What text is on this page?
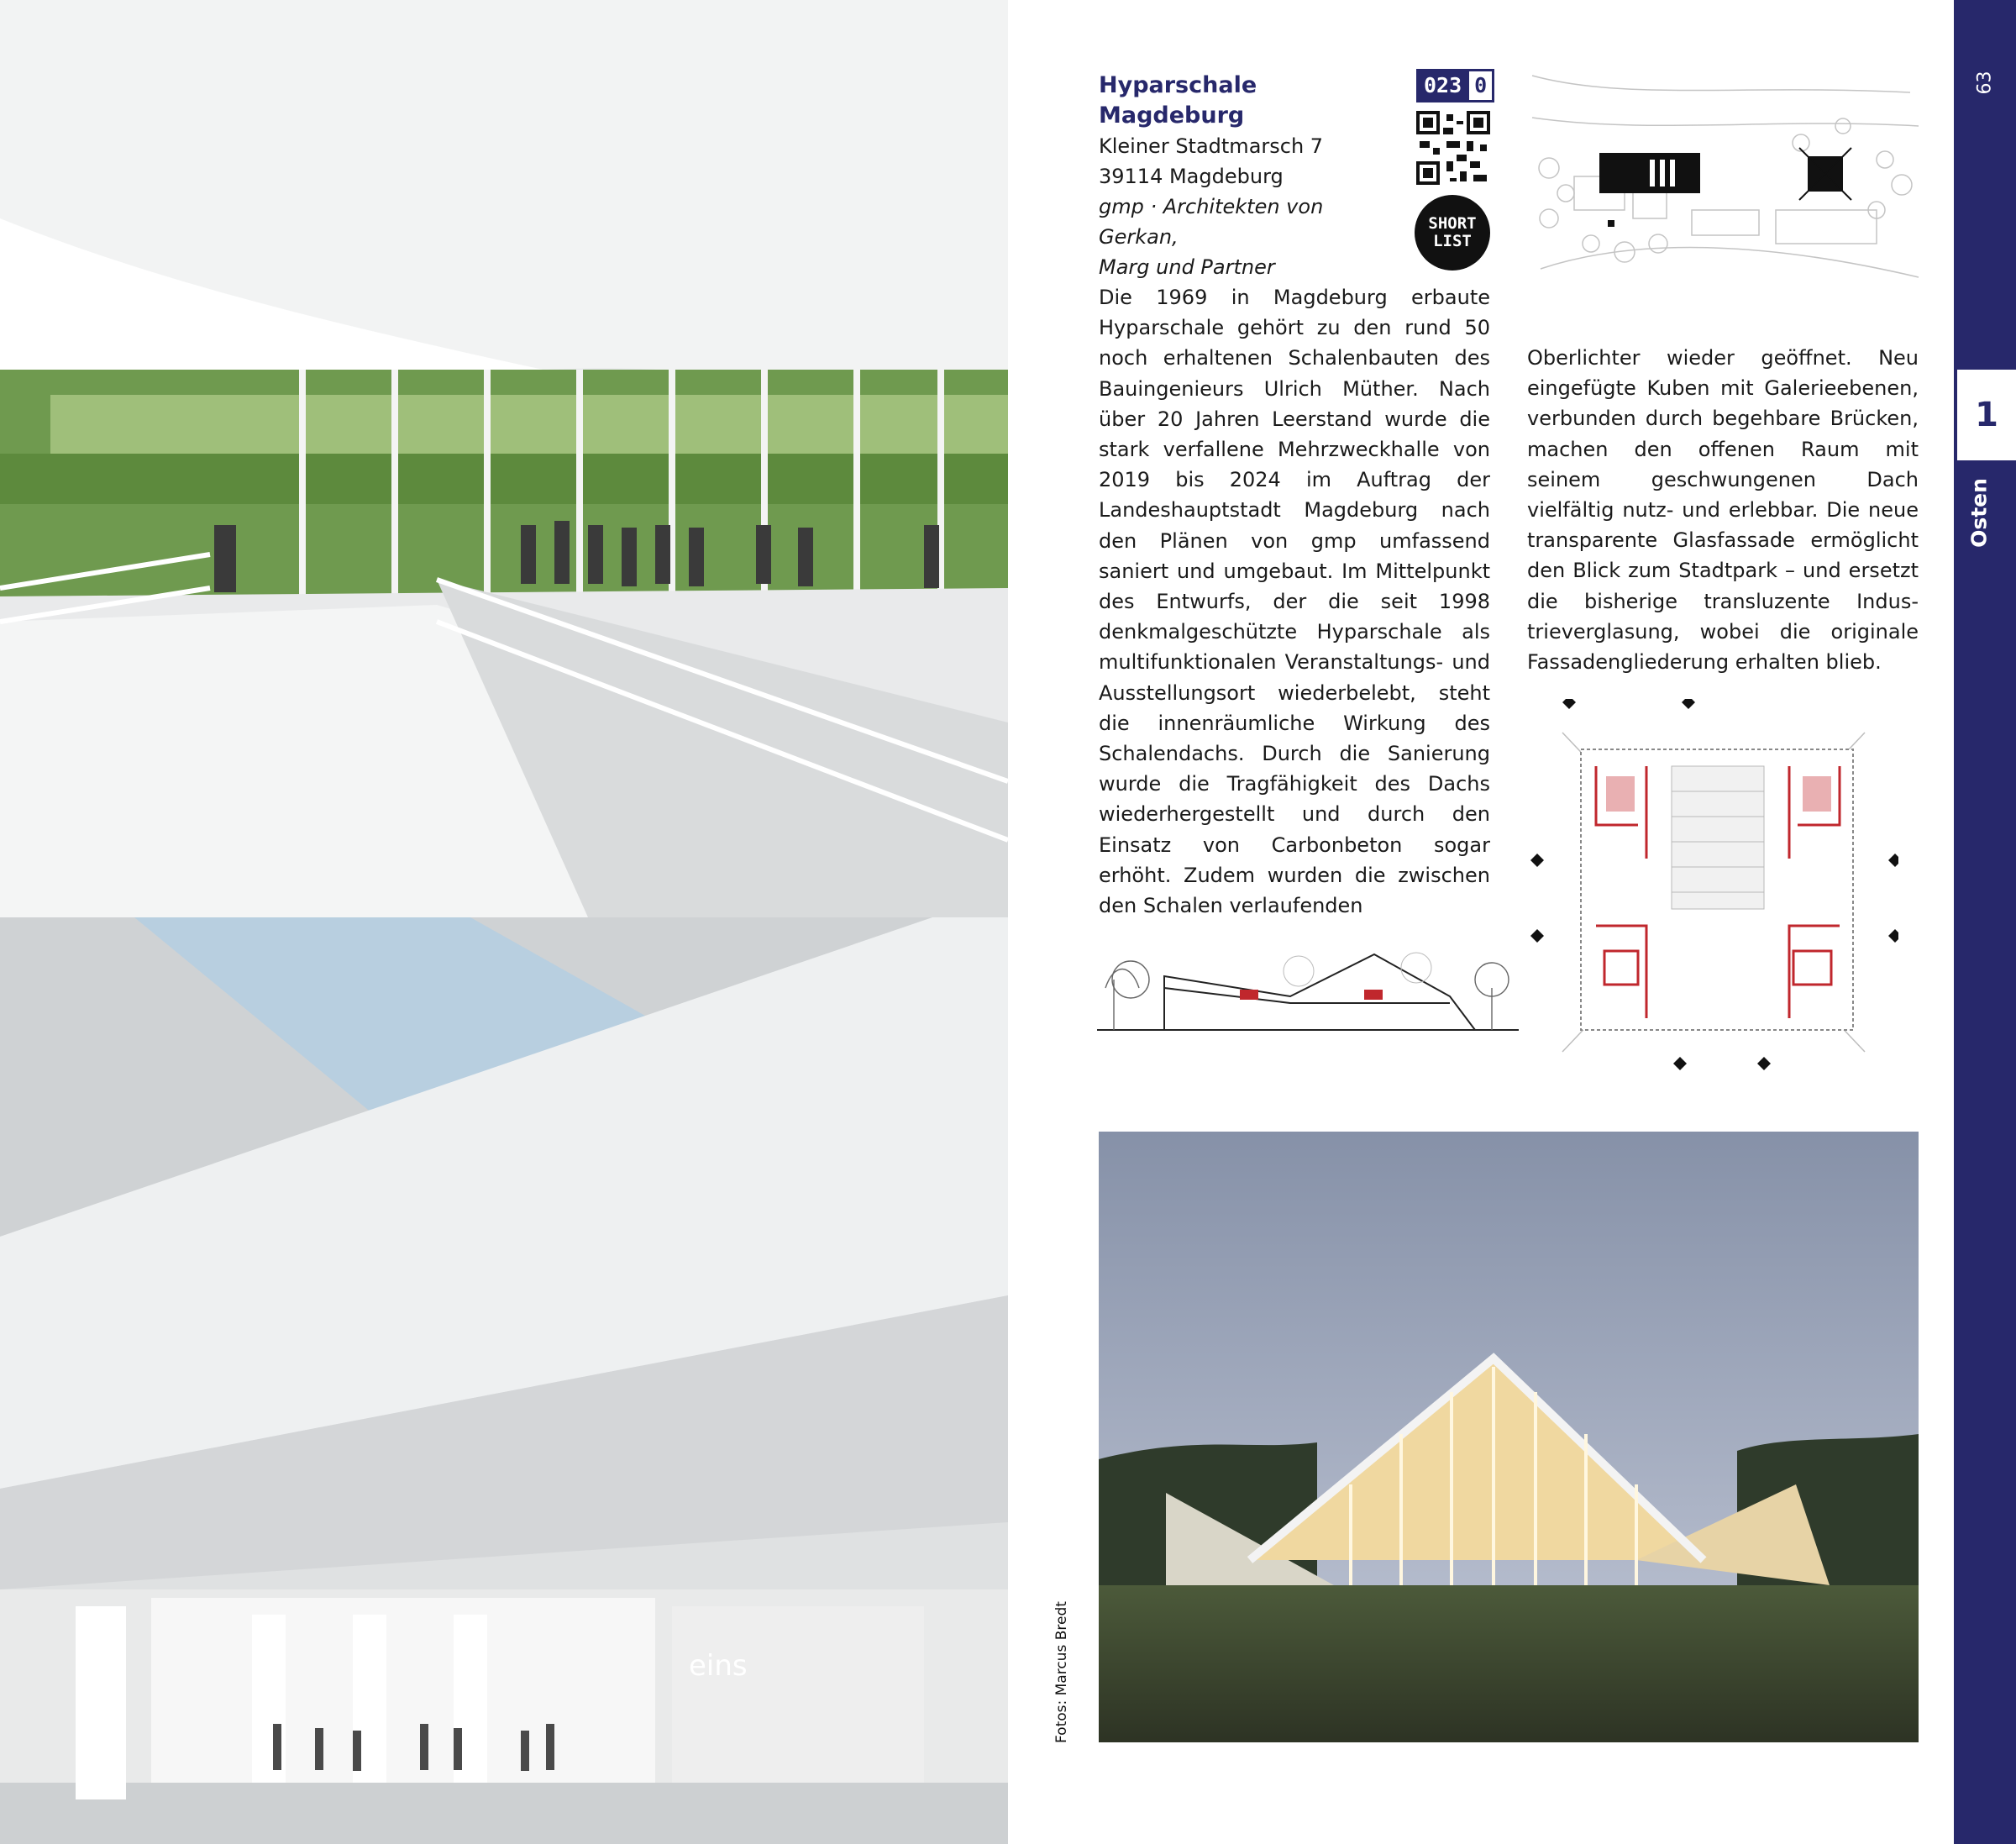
eins	Fotos: Marcus Bredt
Hyparschale Magdeburg
Kleiner Stadtmarsch 7
39114 Magdeburg
gmp · Architekten von Gerkan,
Marg und Partner
023 0
SHORT
LIST
Die 1969 in Magdeburg erbaute Hyparschale gehört zu den rund 50 noch erhaltenen Schalenbauten des Bauingenieurs Ulrich Müther. Nach über 20 Jahren Leerstand wurde die stark verfallene Mehrzweckhalle von 2019 bis 2024 im Auftrag der Landeshauptstadt Magdeburg nach den Plänen von gmp umfassend saniert und umgebaut. Im Mittelpunkt des Entwurfs, der die seit 1998 denkmalgeschützte Hyparschale als multifunktionalen Veranstaltungs- und Ausstellungsort wiederbelebt, steht die innenräumliche Wirkung des Schalendachs. Durch die Sanierung wurde die Tragfähigkeit des Dachs wiederhergestellt und durch den Einsatz von Carbonbeton sogar erhöht. Zudem wurden die zwischen den Schalen verlaufenden
Oberlichter wieder geöffnet. Neu eingefügte Kuben mit Galerieebenen, verbunden durch begehbare Brücken, machen den offenen Raum mit seinem geschwungenen Dach vielfältig nutz- und erlebbar. Die neue transparente Glasfassade ermöglicht den Blick zum Stadtpark – und ersetzt die bisherige transluzente Industrieverglasung, wobei die originale Fassadengliederung erhalten blieb.
63
1
Osten
